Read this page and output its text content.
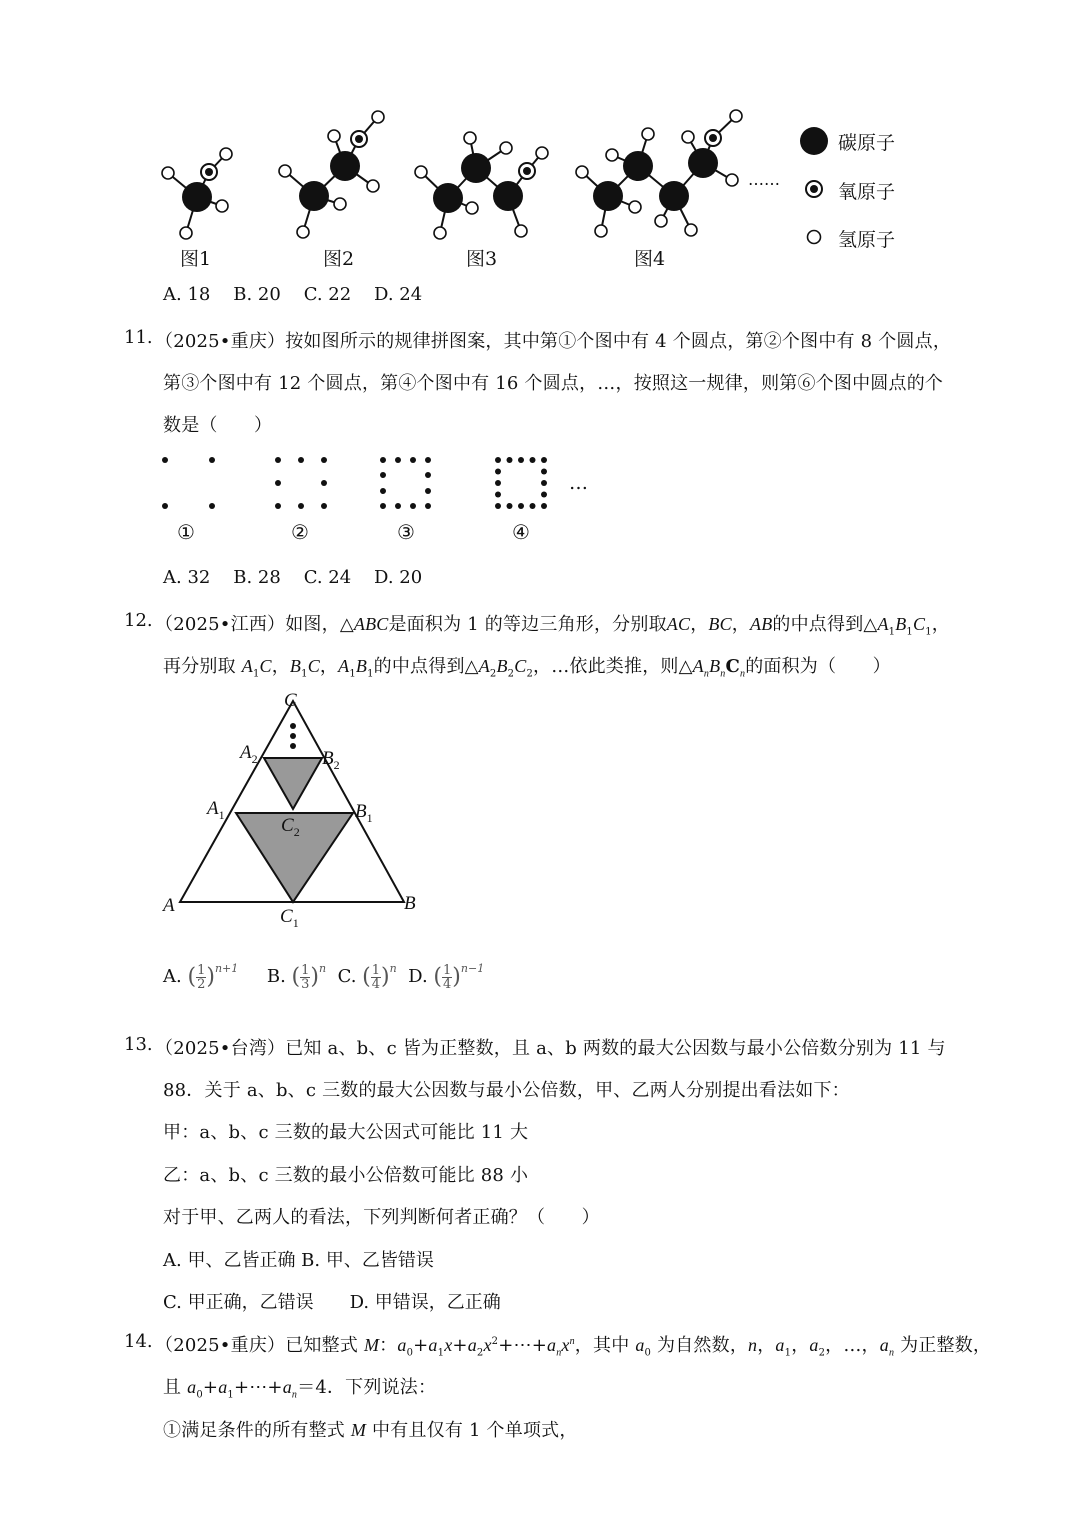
图1	图2	图3	图4
……
碳原子
氧原子
氢原子
A. 18    B. 20    C. 22    D. 24
11. （2025•重庆）按如图所示的规律拼图案，其中第①个图中有 4 个圆点，第②个图中有 8 个圆点，
第③个图中有 12 个圆点，第④个图中有 16 个圆点，…，按照这一规律，则第⑥个图中圆点的个
数是（　　）
…
①	②	③	④
A. 32    B. 28    C. 24    D. 20
12. （2025•江西）如图，△ABC是面积为 1 的等边三角形，分别取AC，BC，AB的中点得到$\triangle A_1B_1C_1$，
再分别取 $A_1C$，$B_1C$，$A_1B_1$的中点得到$\triangle A_2B_2C_2$，…依此类推，则$\triangle A_nB_nC_n$的面积为（　　）
C
$A_2$	$B_2$
$A_1$	$B_1$
$C_2$
A	B
$C_1$
A. ( $\frac{1}{2} )^{n+1}$ B. ( $\frac{1}{3} )^n$ C. ( $\frac{1}{4} )^n$ D. ( $\frac{1}{4} )^{n-1}$
13. （2025•台湾）已知 a、b、c 皆为正整数，且 a、b 两数的最大公因数与最小公倍数分别为 11 与
88．关于 a、b、c 三数的最大公因数与最小公倍数，甲、乙两人分别提出看法如下：
甲：a、b、c 三数的最大公因式可能比 11 大
乙：a、b、c 三数的最小公倍数可能比 88 小
对于甲、乙两人的看法，下列判断何者正确？（　　）
A. 甲、乙皆正确 B. 甲、乙皆错误
C. 甲正确，乙错误　　D. 甲错误，乙正确
14. （2025•重庆）已知整式 M：$a_0+a_1x+a_2x^2+\cdots+a_nx^n$，其中 $a_0$ 为自然数，n，$a_1$，$a_2$，…，$a_n$ 为正整数，
且 $a_0+a_1+\cdots+a_n=4$．下列说法：
①满足条件的所有整式 M 中有且仅有 1 个单项式，
